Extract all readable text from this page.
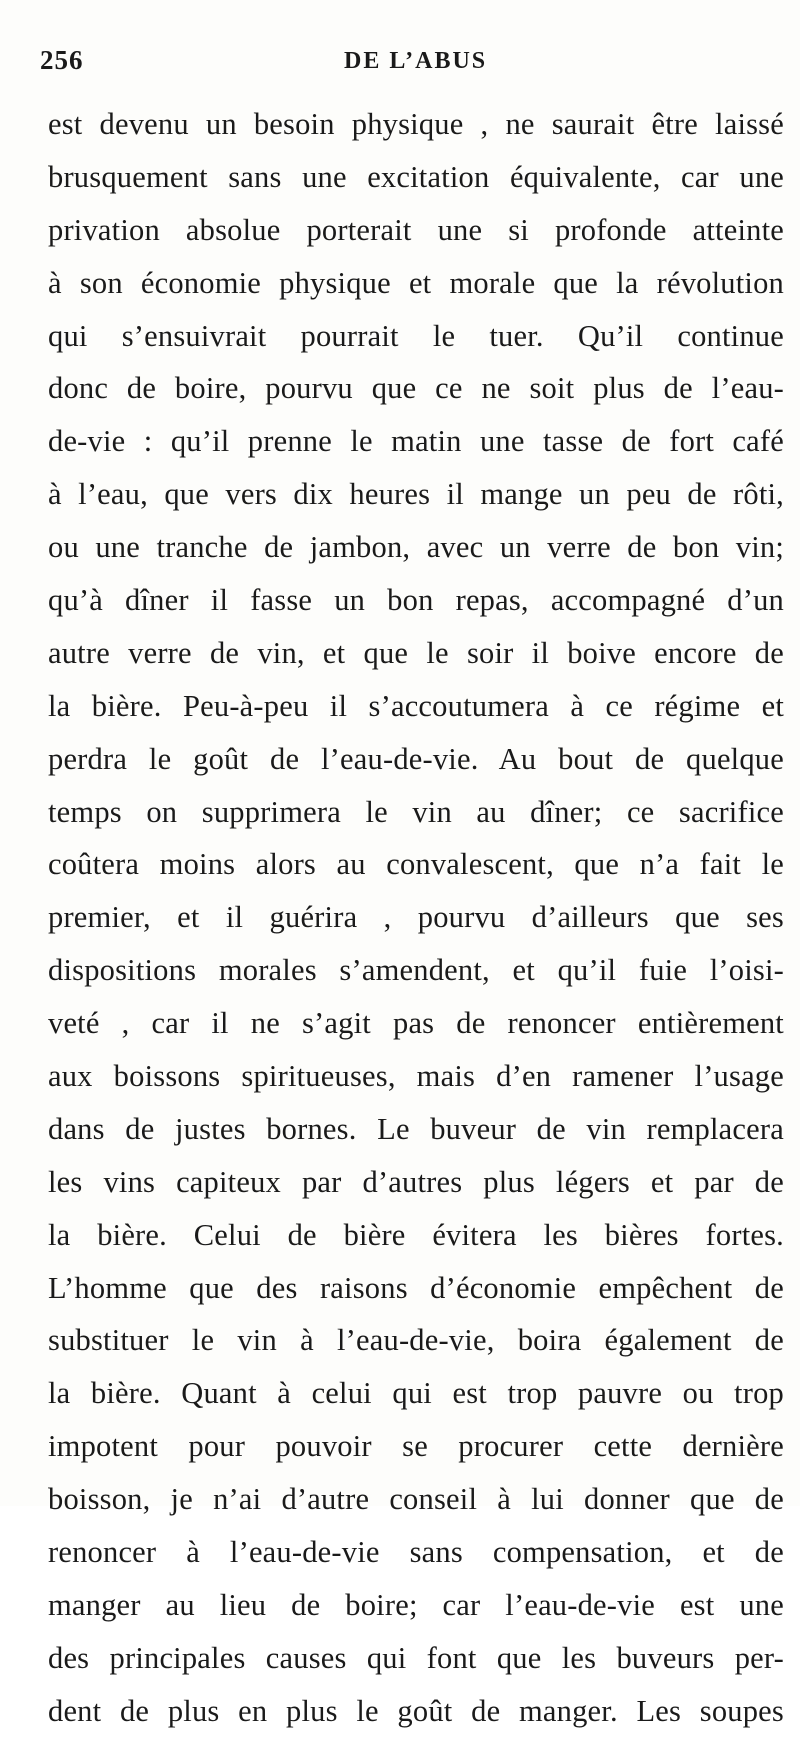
256	DE L’ABUS
est devenu un besoin physique , ne saurait être laissé
brusquement sans une excitation équivalente, car une
privation absolue porterait une si profonde atteinte
à son économie physique et morale que la révolution
qui s’ensuivrait pourrait le tuer. Qu’il continue
donc de boire, pourvu que ce ne soit plus de l’eau-
de-vie : qu’il prenne le matin une tasse de fort café
à l’eau, que vers dix heures il mange un peu de rôti,
ou une tranche de jambon, avec un verre de bon vin;
qu’à dîner il fasse un bon repas, accompagné d’un
autre verre de vin, et que le soir il boive encore de
la bière. Peu-à-peu il s’accoutumera à ce régime et
perdra le goût de l’eau-de-vie. Au bout de quelque
temps on supprimera le vin au dîner; ce sacrifice
coûtera moins alors au convalescent, que n’a fait le
premier, et il guérira , pourvu d’ailleurs que ses
dispositions morales s’amendent, et qu’il fuie l’oisi-
veté , car il ne s’agit pas de renoncer entièrement
aux boissons spiritueuses, mais d’en ramener l’usage
dans de justes bornes. Le buveur de vin remplacera
les vins capiteux par d’autres plus légers et par de
la bière. Celui de bière évitera les bières fortes.
L’homme que des raisons d’économie empêchent de
substituer le vin à l’eau-de-vie, boira également de
la bière. Quant à celui qui est trop pauvre ou trop
impotent pour pouvoir se procurer cette dernière
boisson, je n’ai d’autre conseil à lui donner que de
renoncer à l’eau-de-vie sans compensation, et de
manger au lieu de boire; car l’eau-de-vie est une
des principales causes qui font que les buveurs per-
dent de plus en plus le goût de manger. Les soupes
